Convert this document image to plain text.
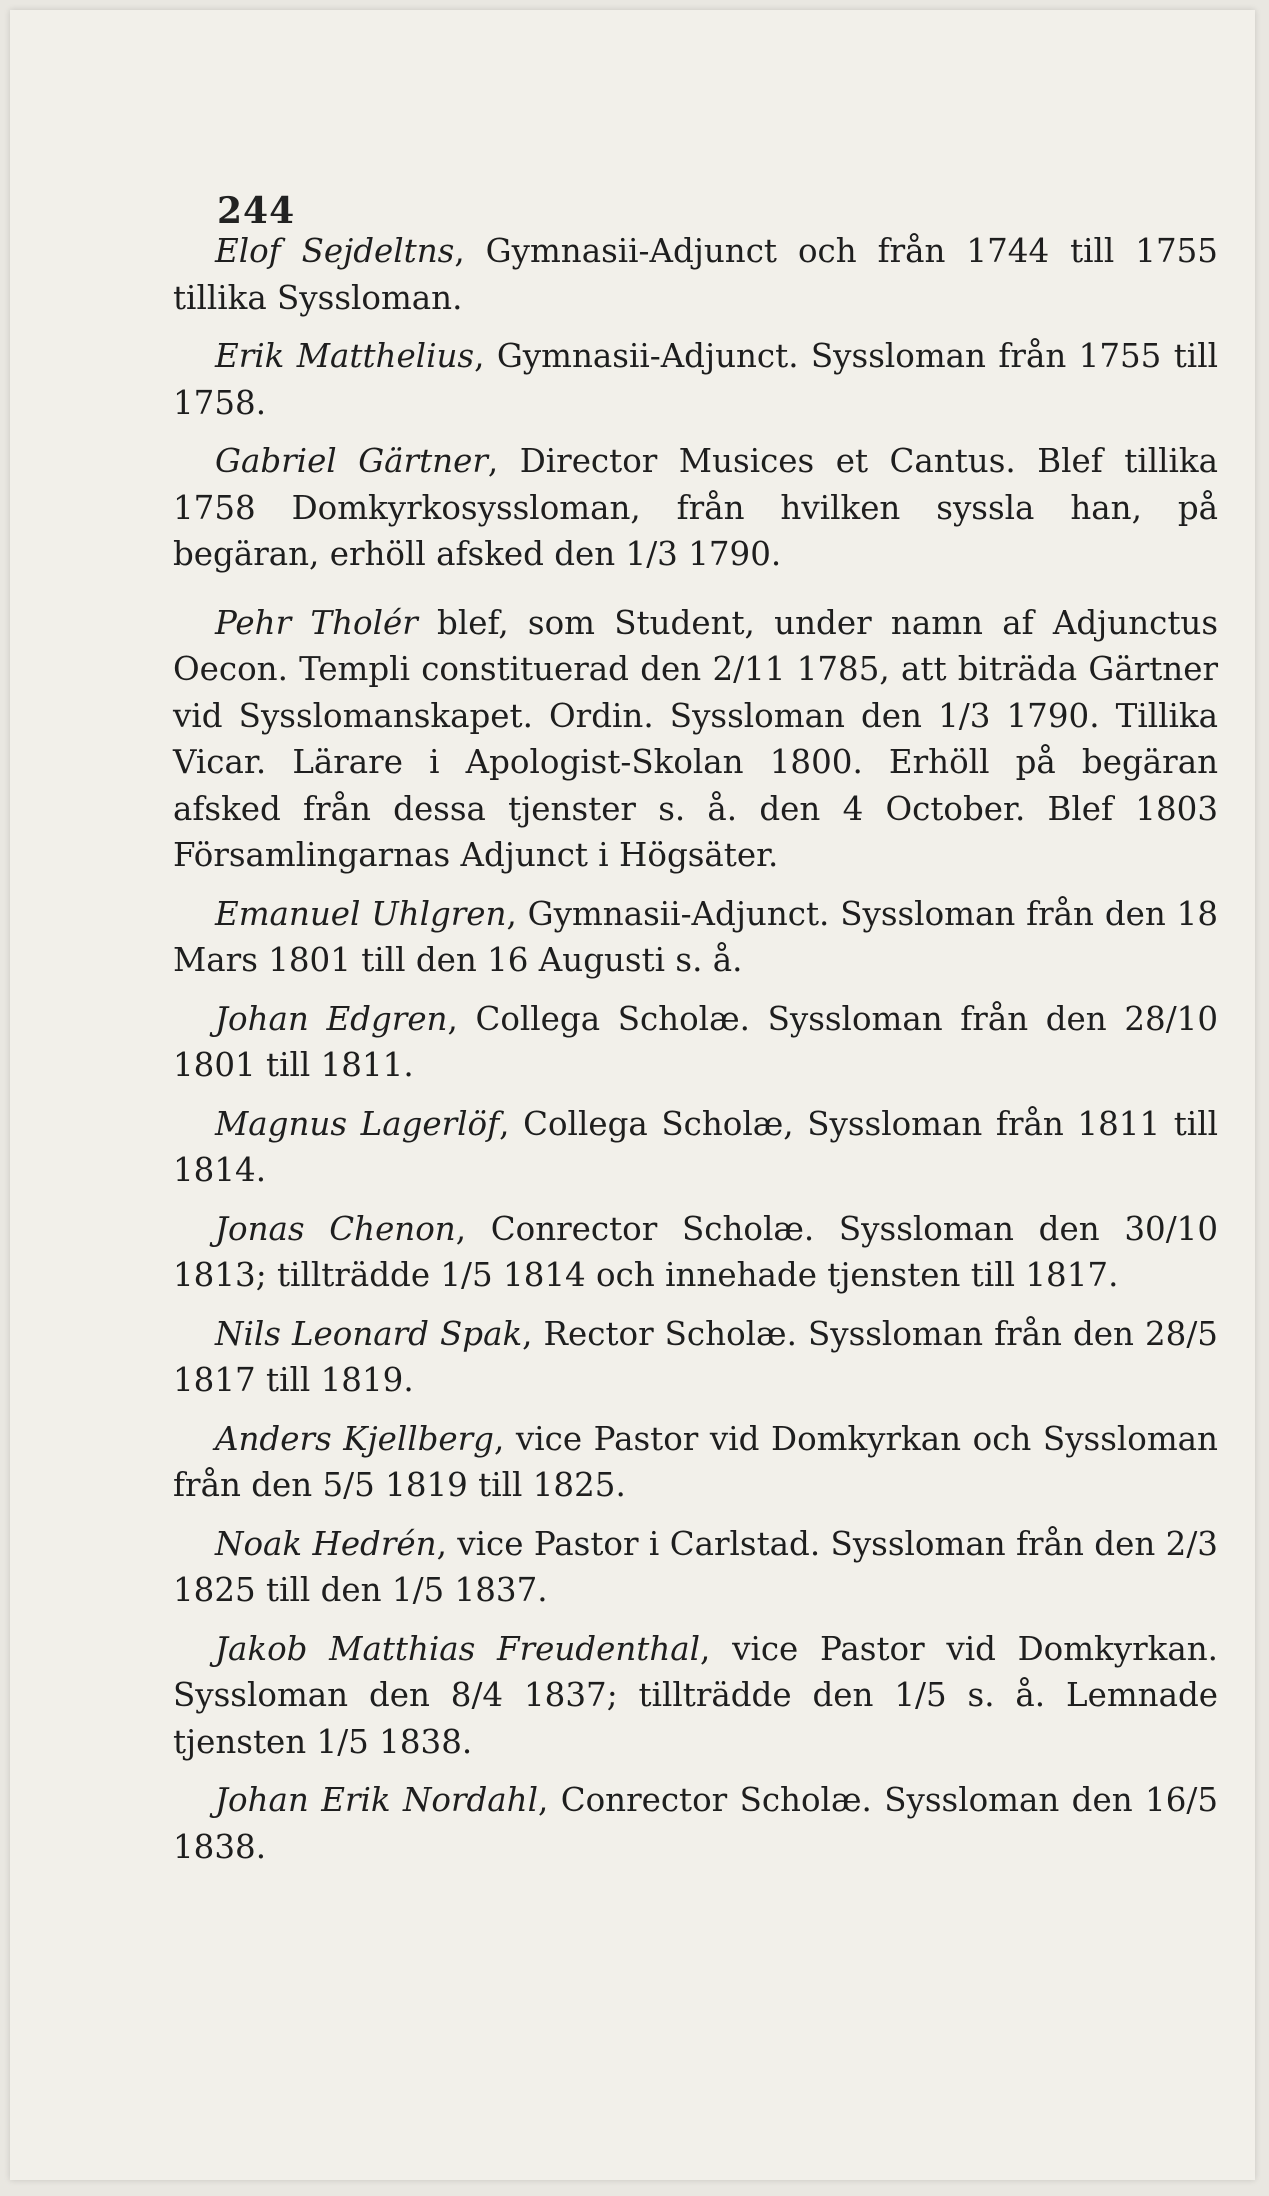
244

Elof Sejdeltns, Gymnasii-Adjunct och från 1744 till 1755 tillika Syssloman.

Erik Matthelius, Gymnasii-Adjunct. Syssloman från 1755 till 1758.

Gabriel Gärtner, Director Musices et Cantus. Blef tillika 1758 Domkyrkosyssloman, från hvilken syssla han, på begäran, erhöll afsked den 1/3 1790.

Pehr Tholér blef, som Student, under namn af Adjunctus Oecon. Templi constituerad den 2/11 1785, att biträda Gärtner vid Sysslomanskapet. Ordin. Syssloman den 1/3 1790. Tillika Vicar. Lärare i Apologist-Skolan 1800. Erhöll på begäran afsked från dessa tjenster s. å. den 4 October. Blef 1803 Församlingarnas Adjunct i Högsäter.

Emanuel Uhlgren, Gymnasii-Adjunct. Syssloman från den 18 Mars 1801 till den 16 Augusti s. å.

Johan Edgren, Collega Scholæ. Syssloman från den 28/10 1801 till 1811.

Magnus Lagerlöf, Collega Scholæ, Syssloman från 1811 till 1814.

Jonas Chenon, Conrector Scholæ. Syssloman den 30/10 1813; tillträdde 1/5 1814 och innehade tjensten till 1817.

Nils Leonard Spak, Rector Scholæ. Syssloman från den 28/5 1817 till 1819.

Anders Kjellberg, vice Pastor vid Domkyrkan och Syssloman från den 5/5 1819 till 1825.

Noak Hedrén, vice Pastor i Carlstad. Syssloman från den 2/3 1825 till den 1/5 1837.

Jakob Matthias Freudenthal, vice Pastor vid Domkyrkan. Syssloman den 8/4 1837; tillträdde den 1/5 s. å. Lemnade tjensten 1/5 1838.

Johan Erik Nordahl, Conrector Scholæ. Syssloman den 16/5 1838.
